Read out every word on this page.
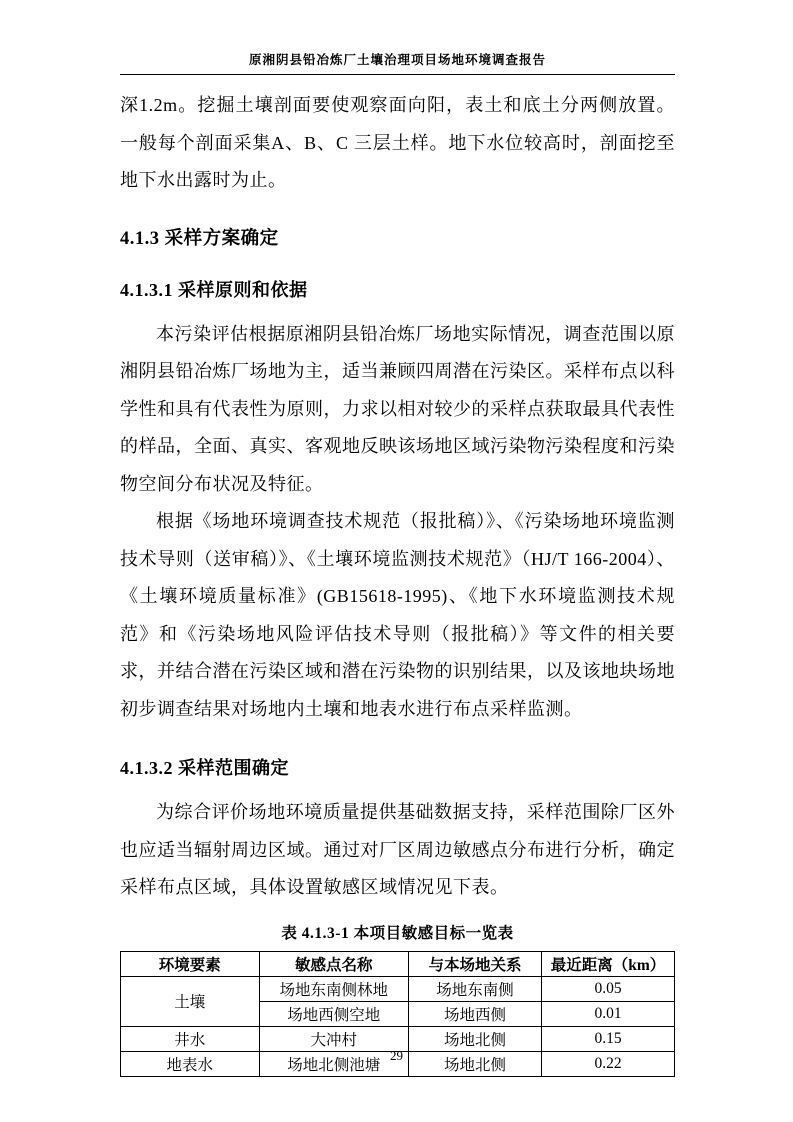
原湘阴县铅冶炼厂土壤治理项目场地环境调查报告

深1.2m。挖掘土壤剖面要使观察面向阳，表土和底土分两侧放置。一般每个剖面采集A、B、C 三层土样。地下水位较高时，剖面挖至地下水出露时为止。

4.1.3 采样方案确定
4.1.3.1 采样原则和依据

本污染评估根据原湘阴县铅冶炼厂场地实际情况，调查范围以原湘阴县铅冶炼厂场地为主，适当兼顾四周潜在污染区。采样布点以科学性和具有代表性为原则，力求以相对较少的采样点获取最具代表性的样品，全面、真实、客观地反映该场地区域污染物污染程度和污染物空间分布状况及特征。

根据《场地环境调查技术规范（报批稿）》、《污染场地环境监测技术导则（送审稿）》、《土壤环境监测技术规范》（HJ/T 166-2004）、《土壤环境质量标准》(GB15618-1995)、《地下水环境监测技术规范》和《污染场地风险评估技术导则（报批稿）》等文件的相关要求，并结合潜在污染区域和潜在污染物的识别结果，以及该地块场地初步调查结果对场地内土壤和地表水进行布点采样监测。

4.1.3.2 采样范围确定

为综合评价场地环境质量提供基础数据支持，采样范围除厂区外也应适当辐射周边区域。通过对厂区周边敏感点分布进行分析，确定采样布点区域，具体设置敏感区域情况见下表。

表 4.1.3-1 本项目敏感目标一览表
环境要素	敏感点名称	与本场地关系	最近距离（km）
土壤	场地东南侧林地	场地东南侧	0.05
	场地西侧空地	场地西侧	0.01
井水	大冲村	场地北侧	0.15
地表水	场地北侧池塘	场地北侧	0.22
29
